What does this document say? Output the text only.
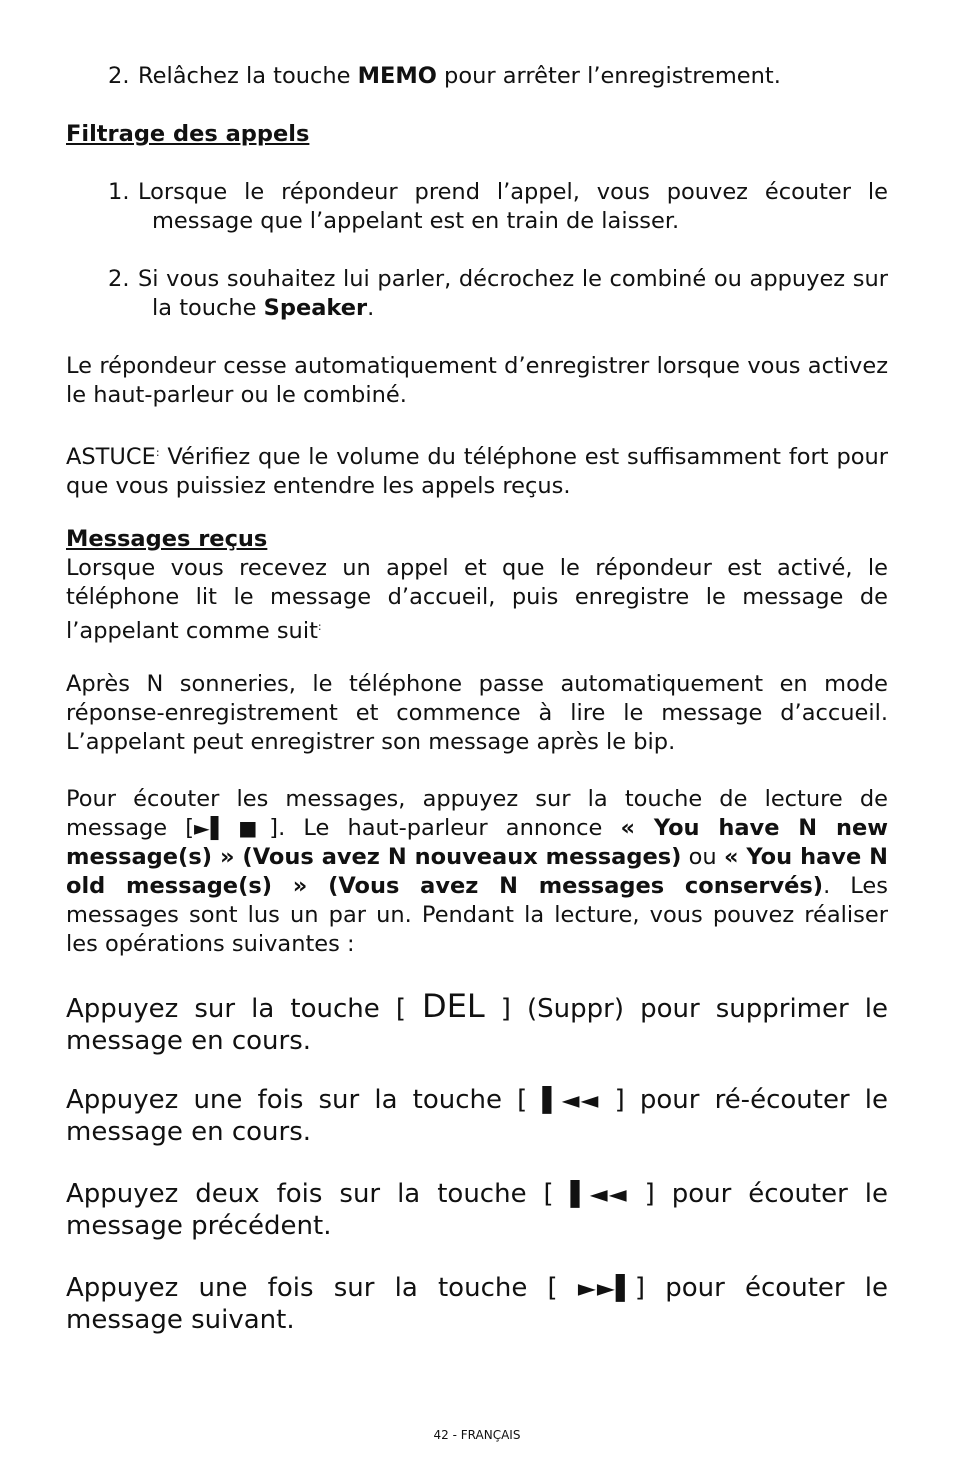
2. Relâchez la touche MEMO pour arrêter l’enregistrement.

Filtrage des appels

1. Lorsque le répondeur prend l’appel, vous pouvez écouter le message que l’appelant est en train de laisser.

2. Si vous souhaitez lui parler, décrochez le combiné ou appuyez sur la touche Speaker.

Le répondeur cesse automatiquement d’enregistrer lorsque vous activez le haut-parleur ou le combiné.

ASTUCE: Vérifiez que le volume du téléphone est suffisamment fort pour que vous puissiez entendre les appels reçus.

Messages reçus

Lorsque vous recevez un appel et que le répondeur est activé, le téléphone lit le message d’accueil, puis enregistre le message de l’appelant comme suit:

Après N sonneries, le téléphone passe automatiquement en mode réponse-enregistrement et commence à lire le message d’accueil. L’appelant peut enregistrer son message après le bip.

Pour écouter les messages, appuyez sur la touche de lecture de message [►▌■]. Le haut-parleur annonce « You have N new message(s) » (Vous avez N nouveaux messages) ou « You have N old message(s) » (Vous avez N messages conservés). Les messages sont lus un par un. Pendant la lecture, vous pouvez réaliser les opérations suivantes :

Appuyez sur la touche [ DEL ] (Suppr) pour supprimer le message en cours.

Appuyez une fois sur la touche [ ▌◄◄ ] pour ré-écouter le message en cours.

Appuyez deux fois sur la touche [ ▌◄◄ ] pour écouter le message précédent.

Appuyez une fois sur la touche [ ►►▌] pour écouter le message suivant.

42 - FRANÇAIS
